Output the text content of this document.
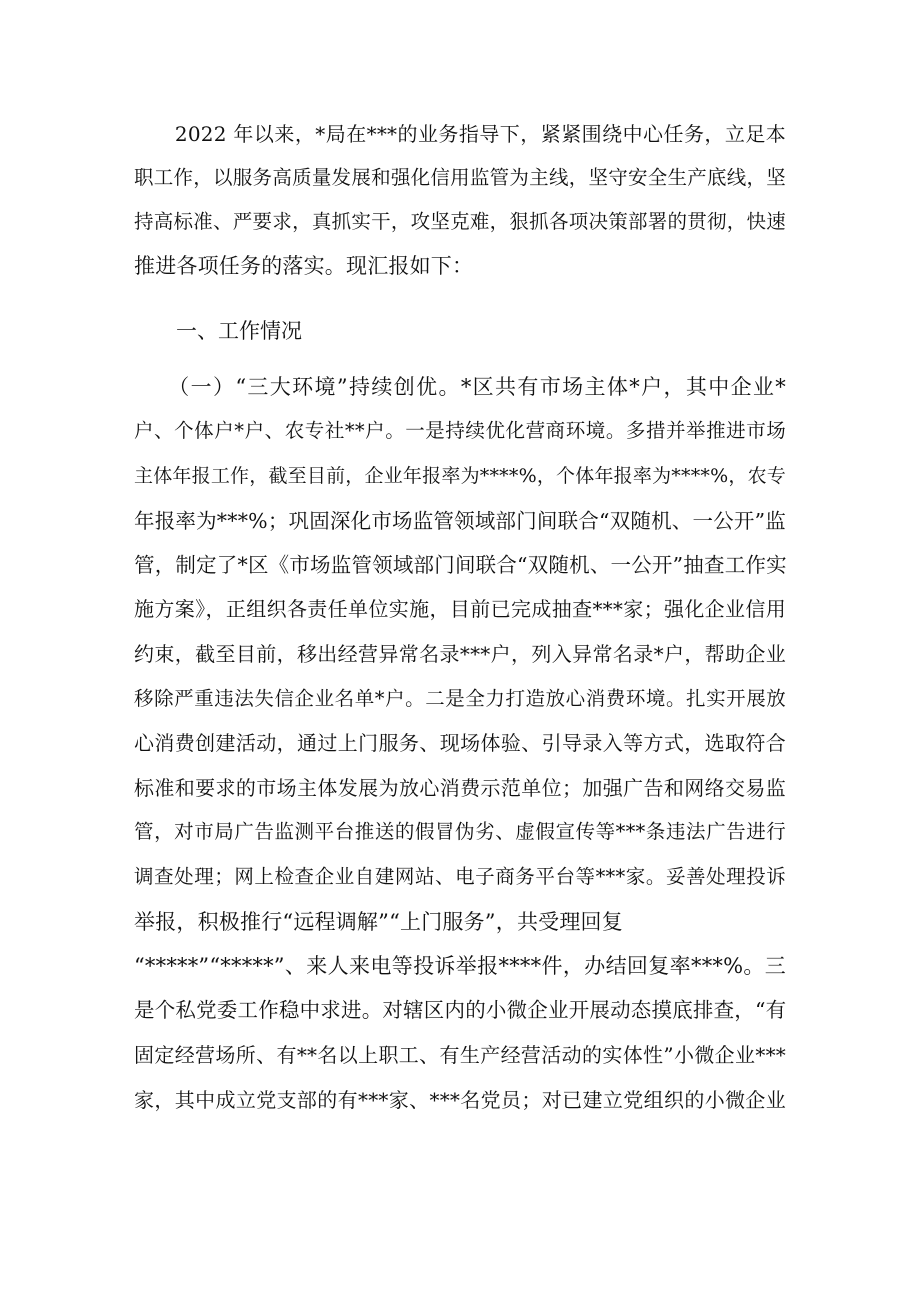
　　2022 年以来，*局在***的业务指导下，紧紧围绕中心任务，立足本
职工作，以服务高质量发展和强化信用监管为主线，坚守安全生产底线，坚
持高标准、严要求，真抓实干，攻坚克难，狠抓各项决策部署的贯彻，快速
推进各项任务的落实。现汇报如下：
一、工作情况
　　（一）“三大环境”持续创优。*区共有市场主体*户，其中企业*
户、个体户*户、农专社**户。一是持续优化营商环境。多措并举推进市场
主体年报工作，截至目前，企业年报率为****%，个体年报率为****%，农专
年报率为***%；巩固深化市场监管领域部门间联合“双随机、一公开”监
管，制定了*区《市场监管领域部门间联合“双随机、一公开”抽查工作实
施方案》，正组织各责任单位实施，目前已完成抽查***家；强化企业信用
约束，截至目前，移出经营异常名录***户，列入异常名录*户，帮助企业
移除严重违法失信企业名单*户。二是全力打造放心消费环境。扎实开展放
心消费创建活动，通过上门服务、现场体验、引导录入等方式，选取符合
标准和要求的市场主体发展为放心消费示范单位；加强广告和网络交易监
管，对市局广告监测平台推送的假冒伪劣、虚假宣传等***条违法广告进行
调查处理；网上检查企业自建网站、电子商务平台等***家。妥善处理投诉
举报，积极推行“远程调解”“上门服务”，共受理回复
“*****”“*****”、来人来电等投诉举报****件，办结回复率***%。三
是个私党委工作稳中求进。对辖区内的小微企业开展动态摸底排查，“有
固定经营场所、有**名以上职工、有生产经营活动的实体性”小微企业***
家，其中成立党支部的有***家、***名党员；对已建立党组织的小微企业
